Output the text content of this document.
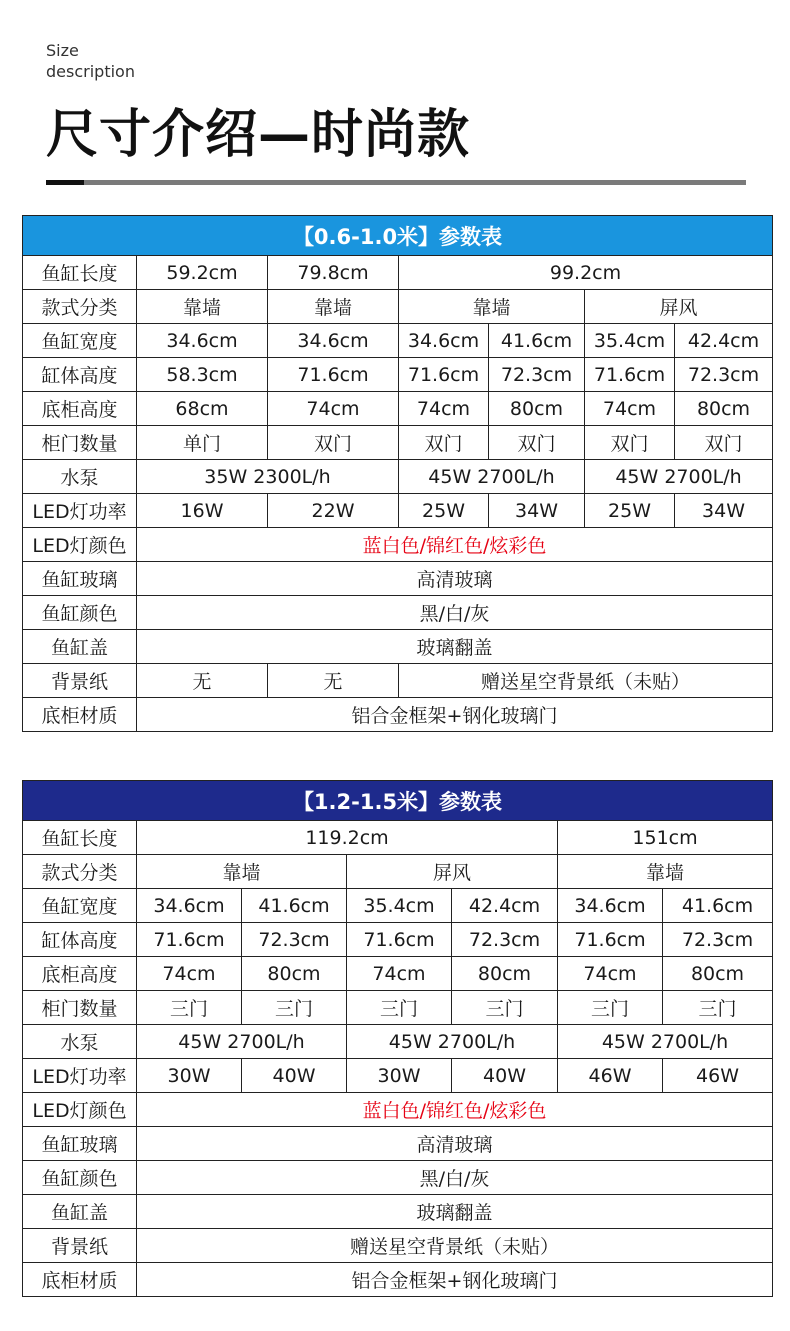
Size
description
尺寸介绍—时尚款
【0.6-1.0米】参数表						
鱼缸长度	59.2cm	79.8cm	99.2cm			
款式分类	靠墙	靠墙	靠墙		屏风	
鱼缸宽度	34.6cm	34.6cm	34.6cm	41.6cm	35.4cm	42.4cm
缸体高度	58.3cm	71.6cm	71.6cm	72.3cm	71.6cm	72.3cm
底柜高度	68cm	74cm	74cm	80cm	74cm	80cm
柜门数量	单门	双门	双门	双门	双门	双门
水泵	35W 2300L/h		45W 2700L/h		45W 2700L/h	
LED灯功率	16W	22W	25W	34W	25W	34W
LED灯颜色	蓝白色/锦红色/炫彩色					
鱼缸玻璃	高清玻璃					
鱼缸颜色	黑/白/灰					
鱼缸盖	玻璃翻盖					
背景纸	无	无	赠送星空背景纸（未贴）			
底柜材质	铝合金框架+钢化玻璃门					
【1.2-1.5米】参数表						
鱼缸长度	119.2cm				151cm	
款式分类	靠墙		屏风		靠墙	
鱼缸宽度	34.6cm	41.6cm	35.4cm	42.4cm	34.6cm	41.6cm
缸体高度	71.6cm	72.3cm	71.6cm	72.3cm	71.6cm	72.3cm
底柜高度	74cm	80cm	74cm	80cm	74cm	80cm
柜门数量	三门	三门	三门	三门	三门	三门
水泵	45W 2700L/h		45W 2700L/h		45W 2700L/h	
LED灯功率	30W	40W	30W	40W	46W	46W
LED灯颜色	蓝白色/锦红色/炫彩色					
鱼缸玻璃	高清玻璃					
鱼缸颜色	黑/白/灰					
鱼缸盖	玻璃翻盖					
背景纸	赠送星空背景纸（未贴）					
底柜材质	铝合金框架+钢化玻璃门					
